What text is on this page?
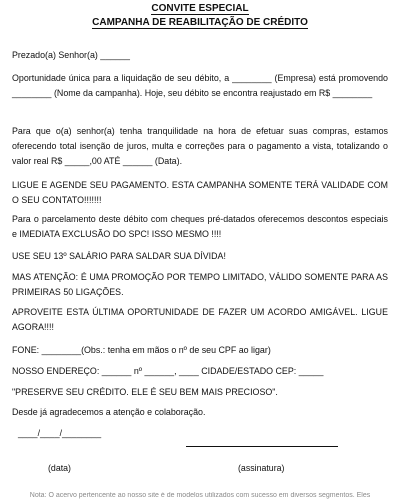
CONVITE ESPECIAL
CAMPANHA DE REABILITAÇÃO DE CRÉDITO
Prezado(a) Senhor(a) ______
Oportunidade única para a liquidação de seu débito, a ________ (Empresa) está promovendo ________ (Nome da campanha). Hoje, seu débito se encontra reajustado em R$ ________
Para que o(a) senhor(a) tenha tranquilidade na hora de efetuar suas compras, estamos oferecendo total isenção de juros, multa e correções para o pagamento a vista, totalizando o valor real R$ _____,00 ATÉ ______ (Data).
LIGUE E AGENDE SEU PAGAMENTO. ESTA CAMPANHA SOMENTE TERÁ VALIDADE COM O SEU CONTATO!!!!!!!
Para o parcelamento deste débito com cheques pré-datados oferecemos descontos especiais e IMEDIATA EXCLUSÃO DO SPC! ISSO MESMO !!!!
USE SEU 13º SALÁRIO PARA SALDAR SUA DÍVIDA!
MAS ATENÇÃO: É UMA PROMOÇÃO POR TEMPO LIMITADO, VÁLIDO SOMENTE PARA AS PRIMEIRAS 50 LIGAÇÕES.
APROVEITE ESTA ÚLTIMA OPORTUNIDADE DE FAZER UM ACORDO AMIGÁVEL. LIGUE AGORA!!!!
FONE: ________(Obs.: tenha em mãos o nº de seu CPF ao ligar)
NOSSO ENDEREÇO: ______ nº ______, ____ CIDADE/ESTADO CEP: _____
"PRESERVE SEU CRÉDITO. ELE É SEU BEM MAIS PRECIOSO".
Desde já agradecemos a atenção e colaboração.
____/____/________
(data)	(assinatura)
Nota: O acervo pertencente ao nosso site é de modelos utilizados com sucesso em diversos segmentos. Eles
